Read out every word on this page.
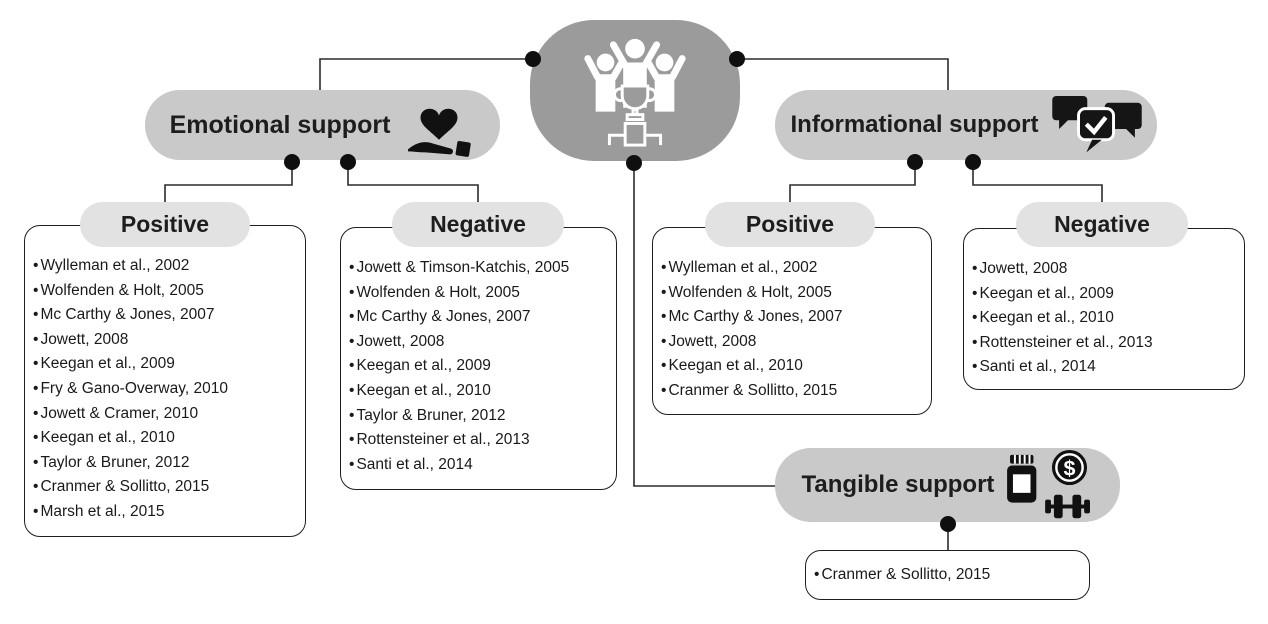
• Wylleman et al., 2002
• Wolfenden & Holt, 2005
• Mc Carthy & Jones, 2007
• Jowett, 2008
• Keegan et al., 2009
• Fry & Gano-Overway, 2010
• Jowett & Cramer, 2010
• Keegan et al., 2010
• Taylor & Bruner, 2012
• Cranmer & Sollitto, 2015
• Marsh et al., 2015
• Jowett & Timson-Katchis, 2005
• Wolfenden & Holt, 2005
• Mc Carthy & Jones, 2007
• Jowett, 2008
• Keegan et al., 2009
• Keegan et al., 2010
• Taylor & Bruner, 2012
• Rottensteiner et al., 2013
• Santi et al., 2014
• Wylleman et al., 2002
• Wolfenden & Holt, 2005
• Mc Carthy & Jones, 2007
• Jowett, 2008
• Keegan et al., 2010
• Cranmer & Sollitto, 2015
• Jowett, 2008
• Keegan et al., 2009
• Keegan et al., 2010
• Rottensteiner et al., 2013
• Santi et al., 2014
• Cranmer & Sollitto, 2015
Positive	Negative	Positive	Negative
Emotional support	Informational support
Tangible support
$
